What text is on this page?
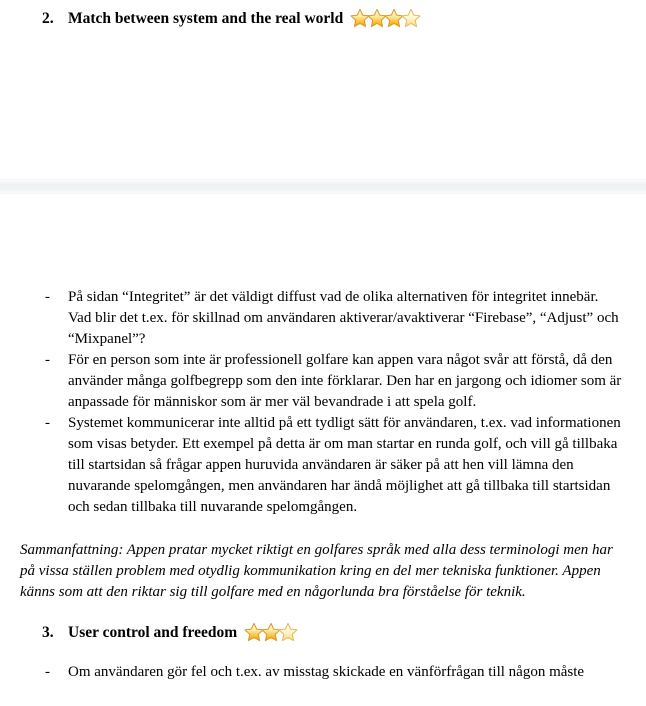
2. Match between system and the real world
-	På sidan “Integritet” är det väldigt diffust vad de olika alternativen för integritet innebär. Vad blir det t.ex. för skillnad om användaren aktiverar/avaktiverar “Firebase”, “Adjust” och “Mixpanel”?
-	För en person som inte är professionell golfare kan appen vara något svår att förstå, då den använder många golfbegrepp som den inte förklarar. Den har en jargong och idiomer som är anpassade för människor som är mer väl bevandrade i att spela golf.
-	Systemet kommunicerar inte alltid på ett tydligt sätt för användaren, t.ex. vad informationen som visas betyder. Ett exempel på detta är om man startar en runda golf, och vill gå tillbaka till startsidan så frågar appen huruvida användaren är säker på att hen vill lämna den nuvarande spelomgången, men användaren har ändå möjlighet att gå tillbaka till startsidan och sedan tillbaka till nuvarande spelomgången.
Sammanfattning: Appen pratar mycket riktigt en golfares språk med alla dess terminologi men har på vissa ställen problem med otydlig kommunikation kring en del mer tekniska funktioner. Appen känns som att den riktar sig till golfare med en någorlunda bra förståelse för teknik.
3. User control and freedom
-	Om användaren gör fel och t.ex. av misstag skickade en vänförfrågan till någon måste
